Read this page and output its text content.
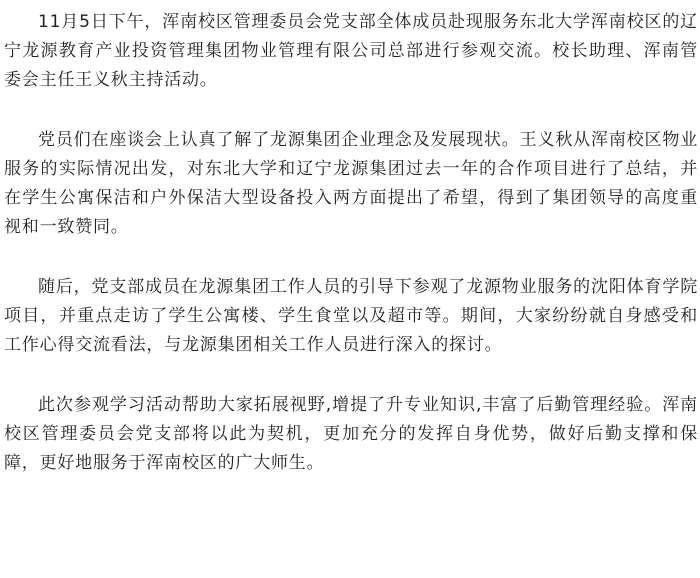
11月5日下午，浑南校区管理委员会党支部全体成员赴现服务东北大学浑南校区的辽宁龙源教育产业投资管理集团物业管理有限公司总部进行参观交流。校长助理、浑南管委会主任王义秋主持活动。

党员们在座谈会上认真了解了龙源集团企业理念及发展现状。王义秋从浑南校区物业服务的实际情况出发，对东北大学和辽宁龙源集团过去一年的合作项目进行了总结，并在学生公寓保洁和户外保洁大型设备投入两方面提出了希望，得到了集团领导的高度重视和一致赞同。

随后，党支部成员在龙源集团工作人员的引导下参观了龙源物业服务的沈阳体育学院项目，并重点走访了学生公寓楼、学生食堂以及超市等。期间，大家纷纷就自身感受和工作心得交流看法，与龙源集团相关工作人员进行深入的探讨。

此次参观学习活动帮助大家拓展视野,增提了升专业知识,丰富了后勤管理经验。浑南校区管理委员会党支部将以此为契机，更加充分的发挥自身优势，做好后勤支撑和保障，更好地服务于浑南校区的广大师生。
